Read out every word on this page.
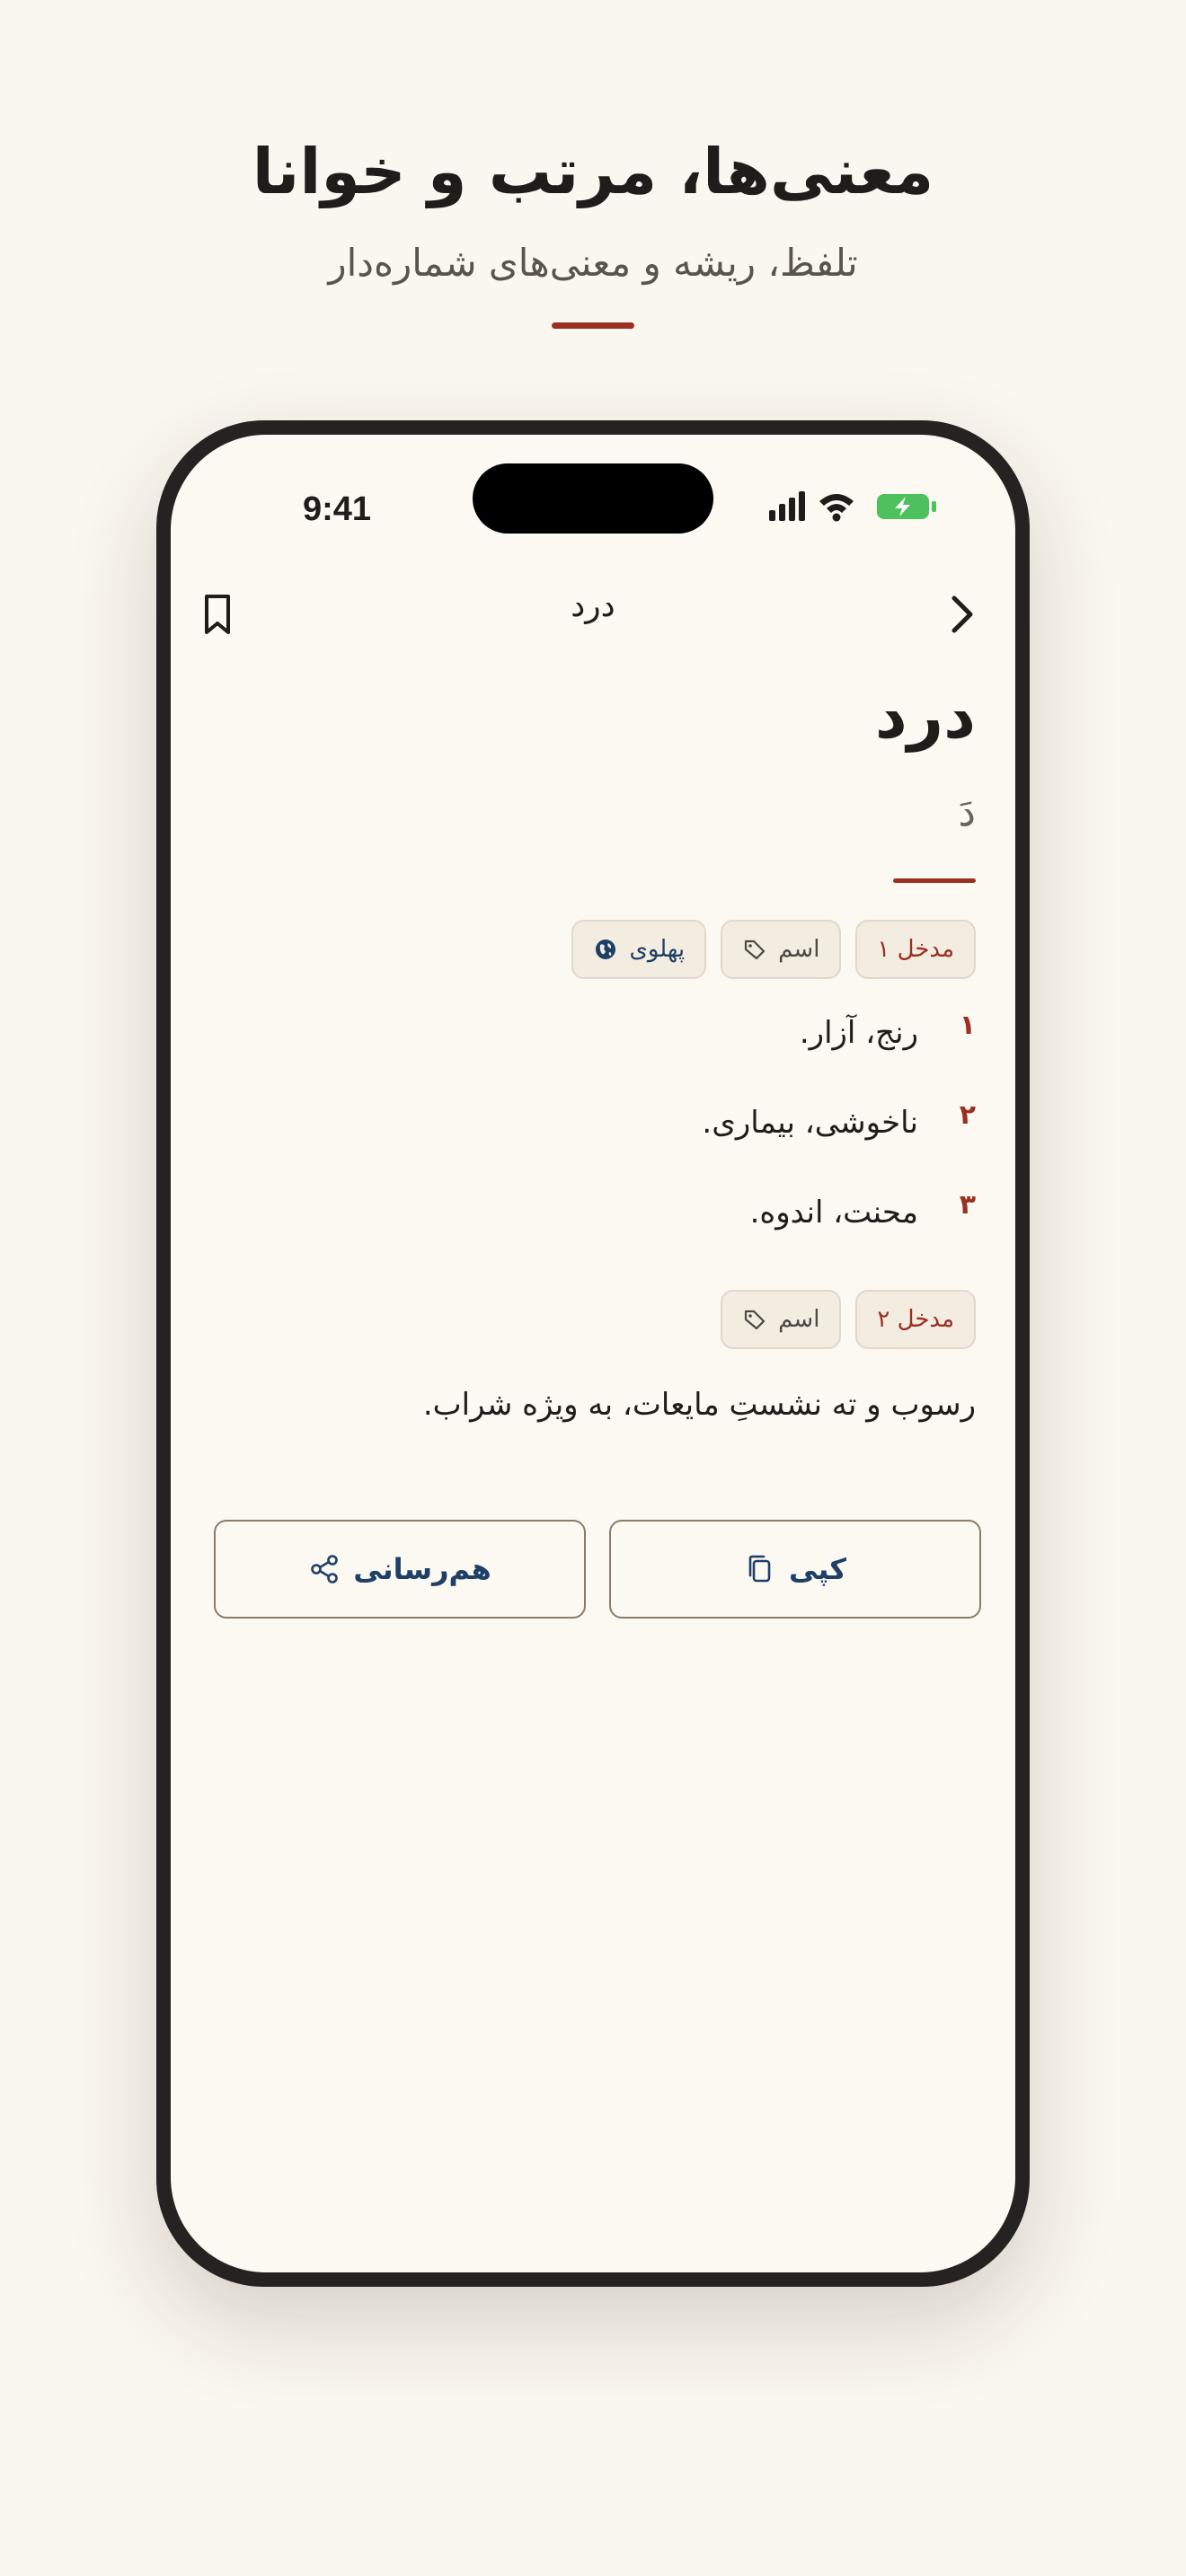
معنی‌ها، مرتب و خوانا
تلفظ، ریشه و معنی‌های شماره‌دار
9:41
درد
درد
دَ
مدخل ۱
اسم
پهلوی
۱
رنج، آزار.
۲
ناخوشی، بیماری.
۳
محنت، اندوه.
مدخل ۲
اسم
رسوب و ته نشستِ مایعات، به ویژه شراب.
هم‌رسانی	کپی
